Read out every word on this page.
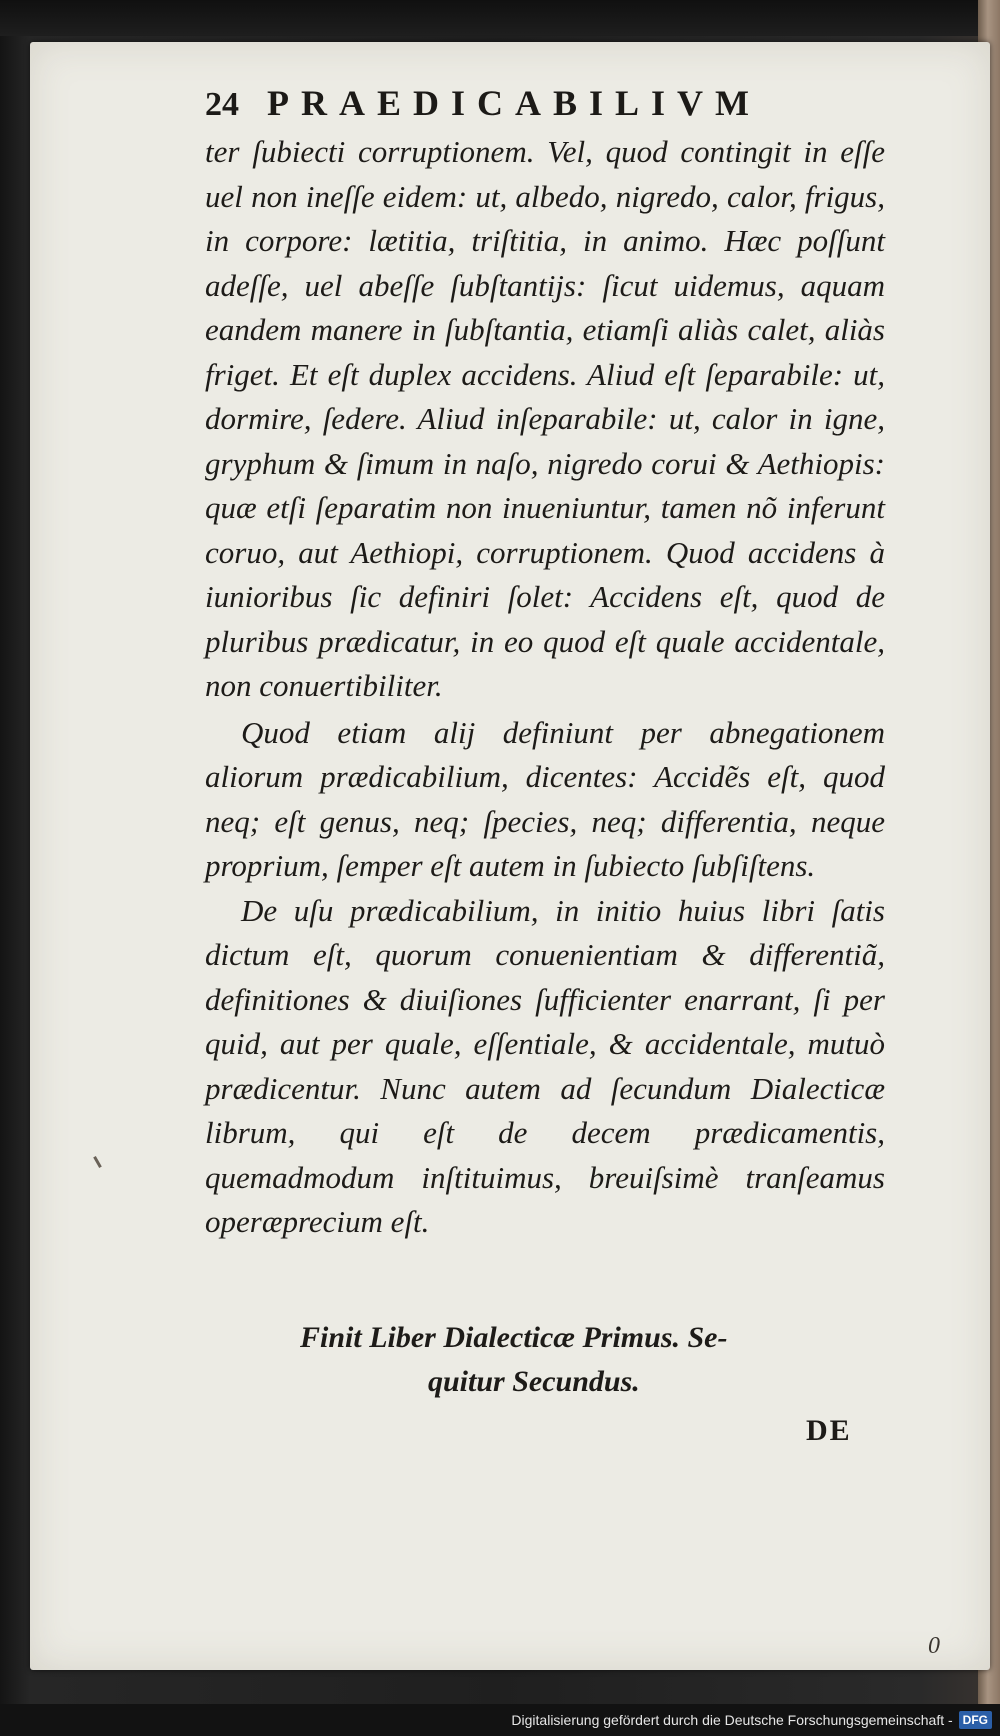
24 PRAEDICABILIVM

ter ſubiecti corruptionem. Vel, quod contingit in eſſe uel non ineſſe eidem: ut, albedo, nigredo, calor, frigus, in corpore: lætitia, triſtitia, in animo. Hæc poſſunt adeſſe, uel abeſſe ſubſtantijs: ſicut uidemus, aquam eandem manere in ſubſtantia, etiamſi aliàs calet, aliàs friget. Et eſt duplex accidens. Aliud eſt ſeparabile: ut, dormire, ſedere. Aliud inſeparabile: ut, calor in igne, gryphum & ſimum in naſo, nigredo corui & Aethiopis: quæ etſi ſeparatim non inueniuntur, tamen nõ inferunt coruo, aut Aethiopi, corruptionem. Quod accidens à iunioribus ſic definiri ſolet: Accidens eſt, quod de pluribus prædicatur, in eo quod eſt quale accidentale, non conuertibiliter.

Quod etiam alij definiunt per abnegationem aliorum prædicabilium, dicentes: Accidẽs eſt, quod neq; eſt genus, neq; ſpecies, neq; differentia, neque proprium, ſemper eſt autem in ſubiecto ſubſiſtens.

De uſu prædicabilium, in initio huius libri ſatis dictum eſt, quorum conuenientiam & differentiã, definitiones & diuiſiones ſufficienter enarrant, ſi per quid, aut per quale, eſſentiale, & accidentale, mutuò prædicentur. Nunc autem ad ſecundum Dialecticæ librum, qui eſt de decem prædicamentis, quemadmodum inſtituimus, breuiſsimè tranſeamus operæprecium eſt.

Finit Liber Dialecticæ Primus. Se-
quitur Secundus.
DE
0
Digitalisierung gefördert durch die Deutsche Forschungsgemeinschaft - DFG
